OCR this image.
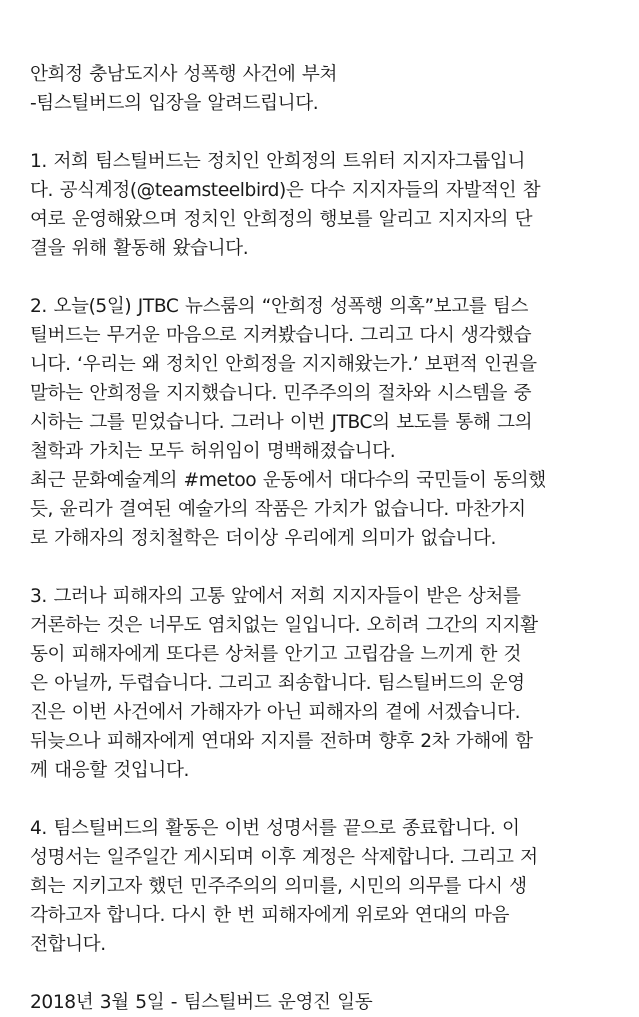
안희정 충남도지사 성폭행 사건에 부쳐
-팀스틸버드의 입장을 알려드립니다.
1. 저희 팀스틸버드는 정치인 안희정의 트위터 지지자그룹입니
다. 공식계정(@teamsteelbird)은 다수 지지자들의 자발적인 참
여로 운영해왔으며 정치인 안희정의 행보를 알리고 지지자의 단
결을 위해 활동해 왔습니다.
2. 오늘(5일) JTBC 뉴스룸의 “안희정 성폭행 의혹”보고를 팀스
틸버드는 무거운 마음으로 지켜봤습니다. 그리고 다시 생각했습
니다. ‘우리는 왜 정치인 안희정을 지지해왔는가.’ 보편적 인권을
말하는 안희정을 지지했습니다. 민주주의의 절차와 시스템을 중
시하는 그를 믿었습니다. 그러나 이번 JTBC의 보도를 통해 그의
철학과 가치는 모두 허위임이 명백해졌습니다.
최근 문화예술계의 #metoo 운동에서 대다수의 국민들이 동의했
듯, 윤리가 결여된 예술가의 작품은 가치가 없습니다. 마찬가지
로 가해자의 정치철학은 더이상 우리에게 의미가 없습니다.
3. 그러나 피해자의 고통 앞에서 저희 지지자들이 받은 상처를
거론하는 것은 너무도 염치없는 일입니다. 오히려 그간의 지지활
동이 피해자에게 또다른 상처를 안기고 고립감을 느끼게 한 것
은 아닐까, 두렵습니다. 그리고 죄송합니다. 팀스틸버드의 운영
진은 이번 사건에서 가해자가 아닌 피해자의 곁에 서겠습니다.
뒤늦으나 피해자에게 연대와 지지를 전하며 향후 2차 가해에 함
께 대응할 것입니다.
4. 팀스틸버드의 활동은 이번 성명서를 끝으로 종료합니다. 이
성명서는 일주일간 게시되며 이후 계정은 삭제합니다. 그리고 저
희는 지키고자 했던 민주주의의 의미를, 시민의 의무를 다시 생
각하고자 합니다. 다시 한 번 피해자에게 위로와 연대의 마음
전합니다.
2018년 3월 5일 - 팀스틸버드 운영진 일동
